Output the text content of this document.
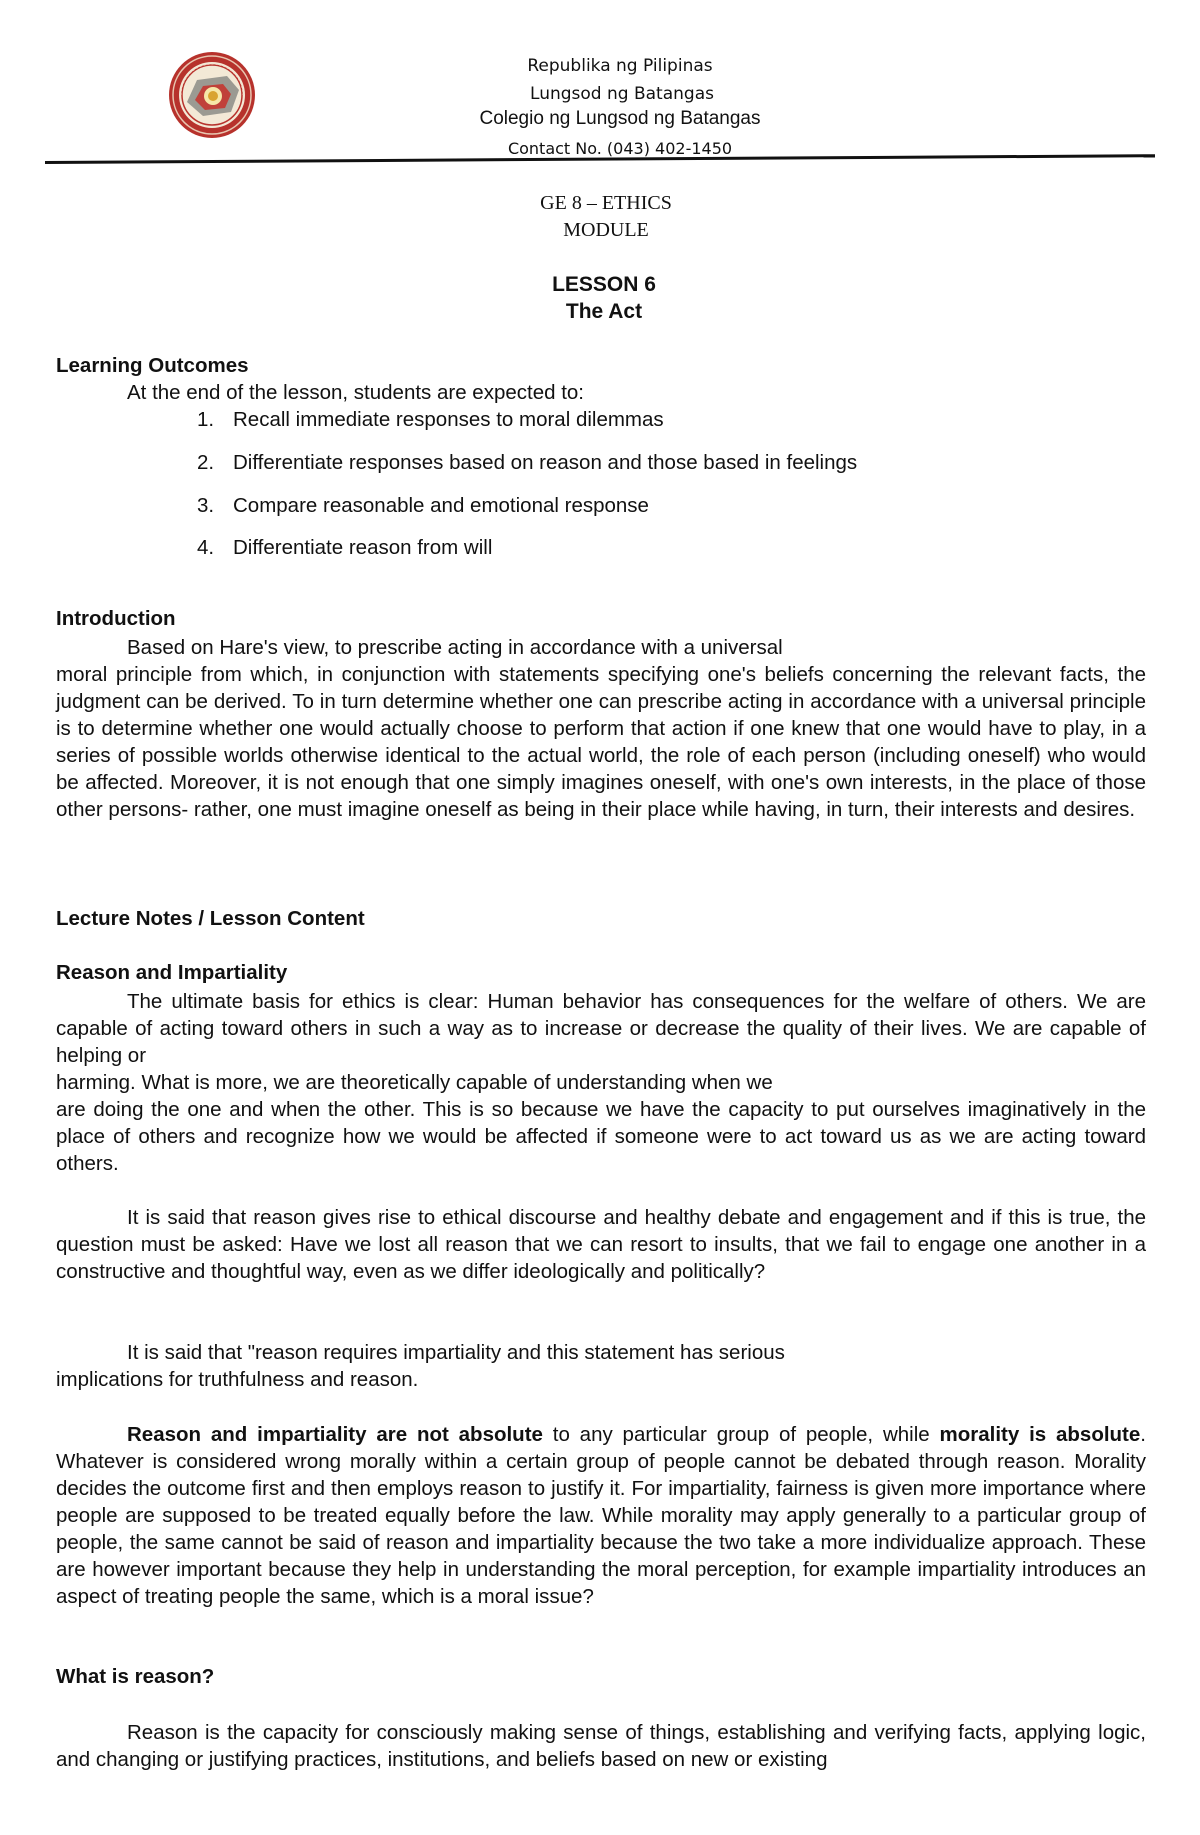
Republika ng Pilipinas
Lungsod ng Batangas
Colegio ng Lungsod ng Batangas
Contact No. (043) 402-1450
GE 8 – ETHICS
MODULE
LESSON 6
The Act
Learning Outcomes
At the end of the lesson, students are expected to:
1. Recall immediate responses to moral dilemmas
2. Differentiate responses based on reason and those based in feelings
3. Compare reasonable and emotional response
4. Differentiate reason from will
Introduction
Based on Hare's view, to prescribe acting in accordance with a universal
moral principle from which, in conjunction with statements specifying one's beliefs concerning the relevant facts, the judgment can be derived. To in turn determine whether one can prescribe acting in accordance with a universal principle is to determine whether one would actually choose to perform that action if one knew that one would have to play, in a series of possible worlds otherwise identical to the actual world, the role of each person (including oneself) who would be affected. Moreover, it is not enough that one simply imagines oneself, with one's own interests, in the place of those other persons- rather, one must imagine oneself as being in their place while having, in turn, their interests and desires.
Lecture Notes / Lesson Content
Reason and Impartiality
The ultimate basis for ethics is clear: Human behavior has consequences for the welfare of others. We are capable of acting toward others in such a way as to increase or decrease the quality of their lives. We are capable of helping or
harming. What is more, we are theoretically capable of understanding when we
are doing the one and when the other. This is so because we have the capacity to put ourselves imaginatively in the place of others and recognize how we would be affected if someone were to act toward us as we are acting toward others.
It is said that reason gives rise to ethical discourse and healthy debate and engagement and if this is true, the question must be asked: Have we lost all reason that we can resort to insults, that we fail to engage one another in a constructive and thoughtful way, even as we differ ideologically and politically?
It is said that "reason requires impartiality and this statement has serious
implications for truthfulness and reason.
Reason and impartiality are not absolute to any particular group of people, while morality is absolute. Whatever is considered wrong morally within a certain group of people cannot be debated through reason. Morality decides the outcome first and then employs reason to justify it. For impartiality, fairness is given more importance where people are supposed to be treated equally before the law. While morality may apply generally to a particular group of people, the same cannot be said of reason and impartiality because the two take a more individualize approach. These are however important because they help in understanding the moral perception, for example impartiality introduces an aspect of treating people the same, which is a moral issue?
What is reason?
Reason is the capacity for consciously making sense of things, establishing and verifying facts, applying logic, and changing or justifying practices, institutions, and beliefs based on new or existing
